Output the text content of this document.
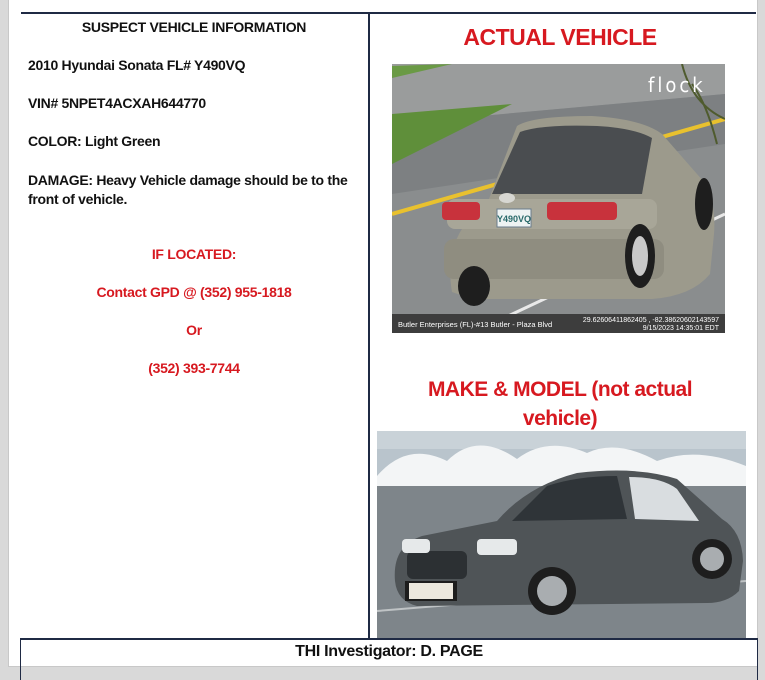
SUSPECT VEHICLE INFORMATION
2010 Hyundai Sonata FL# Y490VQ
VIN# 5NPET4ACXAH644770
COLOR: Light Green
DAMAGE: Heavy Vehicle damage should be to the front of vehicle.
IF LOCATED:
Contact GPD @ (352) 955-1818
Or
(352) 393-7744
ACTUAL VEHICLE
Y490VQ
flock
Butler Enterprises (FL)-#13 Butler - Plaza Blvd	29.62606411862405 , -82.38620602143597
9/15/2023 14:35:01 EDT
MAKE & MODEL (not actual
vehicle)
THI Investigator: D. PAGE
